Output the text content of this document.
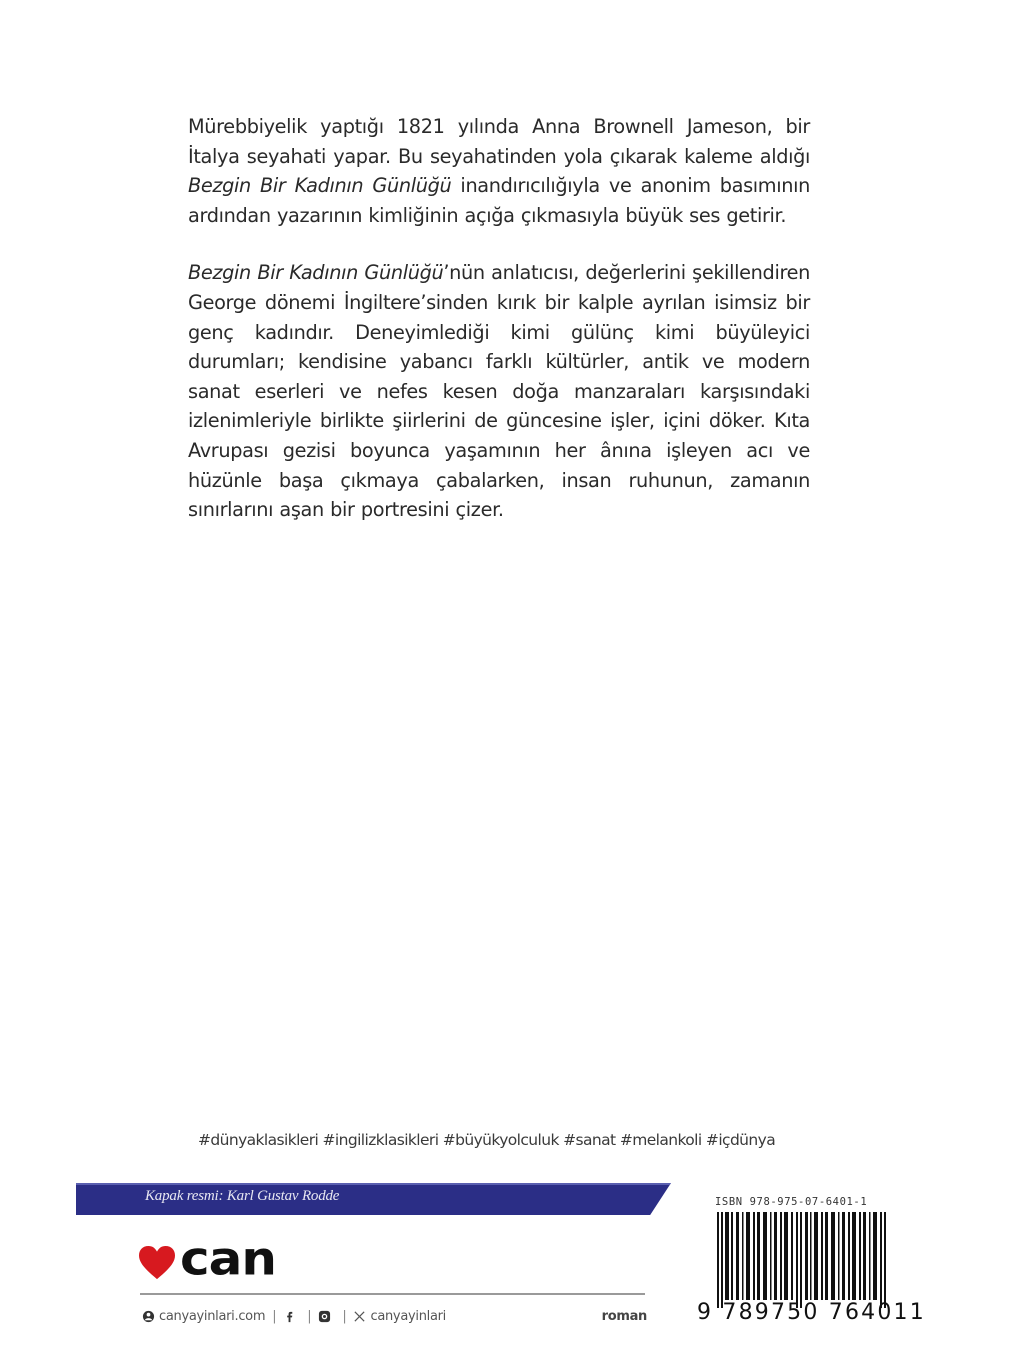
Mürebbiyelik yaptığı 1821 yılında Anna Brownell Jameson, bir İtalya seyahati yapar. Bu seyahatinden yola çıkarak kaleme aldığı Bezgin Bir Kadının Günlüğü inandırıcılığıyla ve anonim basımının ardından yazarının kimliğinin açığa çıkmasıyla büyük ses getirir.

Bezgin Bir Kadının Günlüğü’nün anlatıcısı, değerlerini şekillendiren George dönemi İngiltere’sinden kırık bir kalple ayrılan isimsiz bir genç kadındır. Deneyimlediği kimi gülünç kimi büyüleyici durumları; kendisine yabancı farklı kültürler, antik ve modern sanat eserleri ve nefes kesen doğa manzaraları karşısındaki izlenimleriyle birlikte şiirlerini de güncesine işler, içini döker. Kıta Avrupası gezisi boyunca yaşamının her ânına işleyen acı ve hüzünle başa çıkmaya çabalarken, insan ruhunun, zamanın sınırlarını aşan bir portresini çizer.

#dünyaklasikleri #ingilizklasikleri #büyükyolculuk #sanat #melankoli #içdünya
Kapak resmi: Karl Gustav Rodde
can
canyayinlari.com | | | canyayinlari	roman
ISBN 978-975-07-6401-1
9 789750 764011
